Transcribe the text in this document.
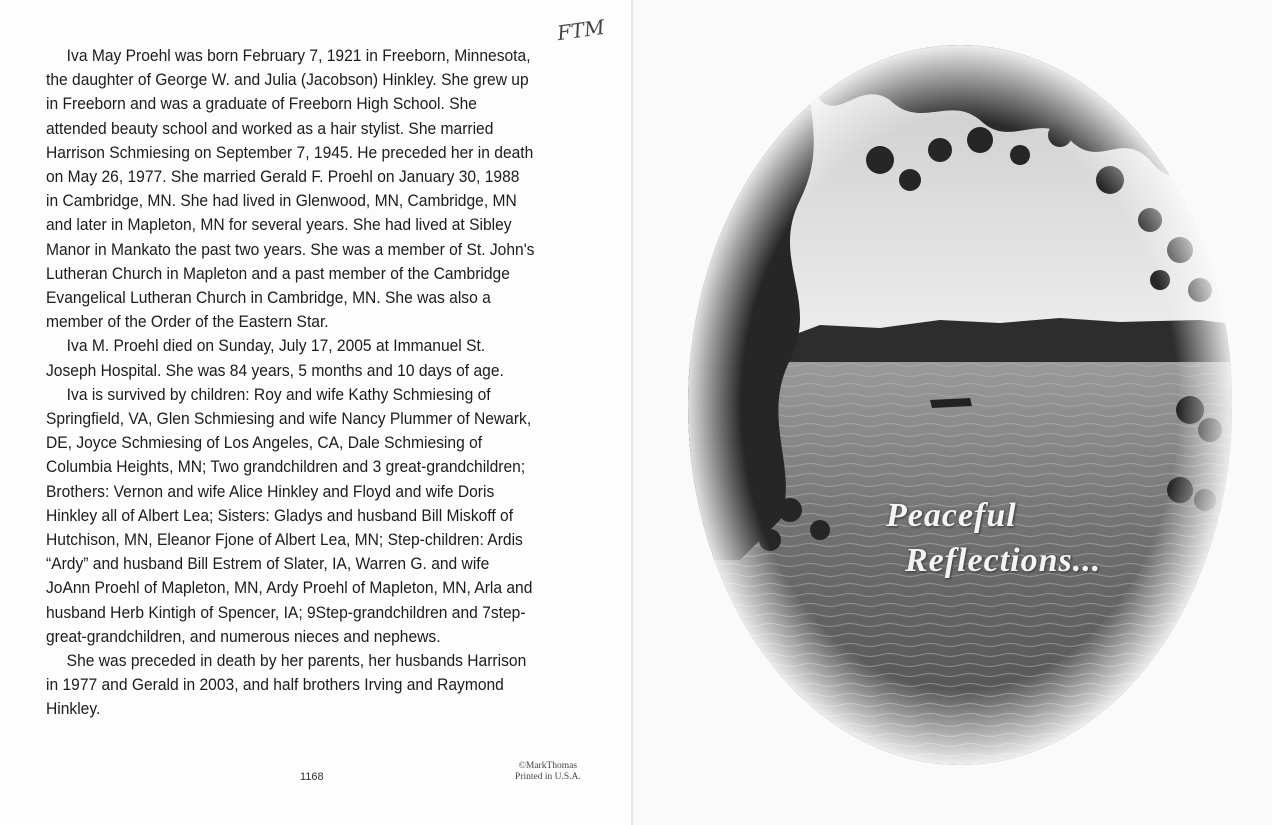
FTM

Iva May Proehl was born February 7, 1921 in Freeborn, Minnesota, the daughter of George W. and Julia (Jacobson) Hinkley. She grew up in Freeborn and was a graduate of Freeborn High School. She attended beauty school and worked as a hair stylist. She married Harrison Schmiesing on September 7, 1945. He preceded her in death on May 26, 1977. She married Gerald F. Proehl on January 30, 1988 in Cambridge, MN. She had lived in Glenwood, MN, Cambridge, MN and later in Mapleton, MN for several years. She had lived at Sibley Manor in Mankato the past two years. She was a member of St. John's Lutheran Church in Mapleton and a past member of the Cambridge Evangelical Lutheran Church in Cambridge, MN. She was also a member of the Order of the Eastern Star.

Iva M. Proehl died on Sunday, July 17, 2005 at Immanuel St. Joseph Hospital. She was 84 years, 5 months and 10 days of age.

Iva is survived by children: Roy and wife Kathy Schmiesing of Springfield, VA, Glen Schmiesing and wife Nancy Plummer of Newark, DE, Joyce Schmiesing of Los Angeles, CA, Dale Schmiesing of Columbia Heights, MN; Two grandchildren and 3 great-grandchildren; Brothers: Vernon and wife Alice Hinkley and Floyd and wife Doris Hinkley all of Albert Lea; Sisters: Gladys and husband Bill Miskoff of Hutchison, MN, Eleanor Fjone of Albert Lea, MN; Step-children: Ardis “Ardy” and husband Bill Estrem of Slater, IA, Warren G. and wife JoAnn Proehl of Mapleton, MN, Ardy Proehl of Mapleton, MN, Arla and husband Herb Kintigh of Spencer, IA; 9Step-grandchildren and 7step-great-grandchildren, and numerous nieces and nephews.

She was preceded in death by her parents, her husbands Harrison in 1977 and Gerald in 2003, and half brothers Irving and Raymond Hinkley.

1168
©MarkThomas
Printed in U.S.A.
Peaceful
Reflections...
